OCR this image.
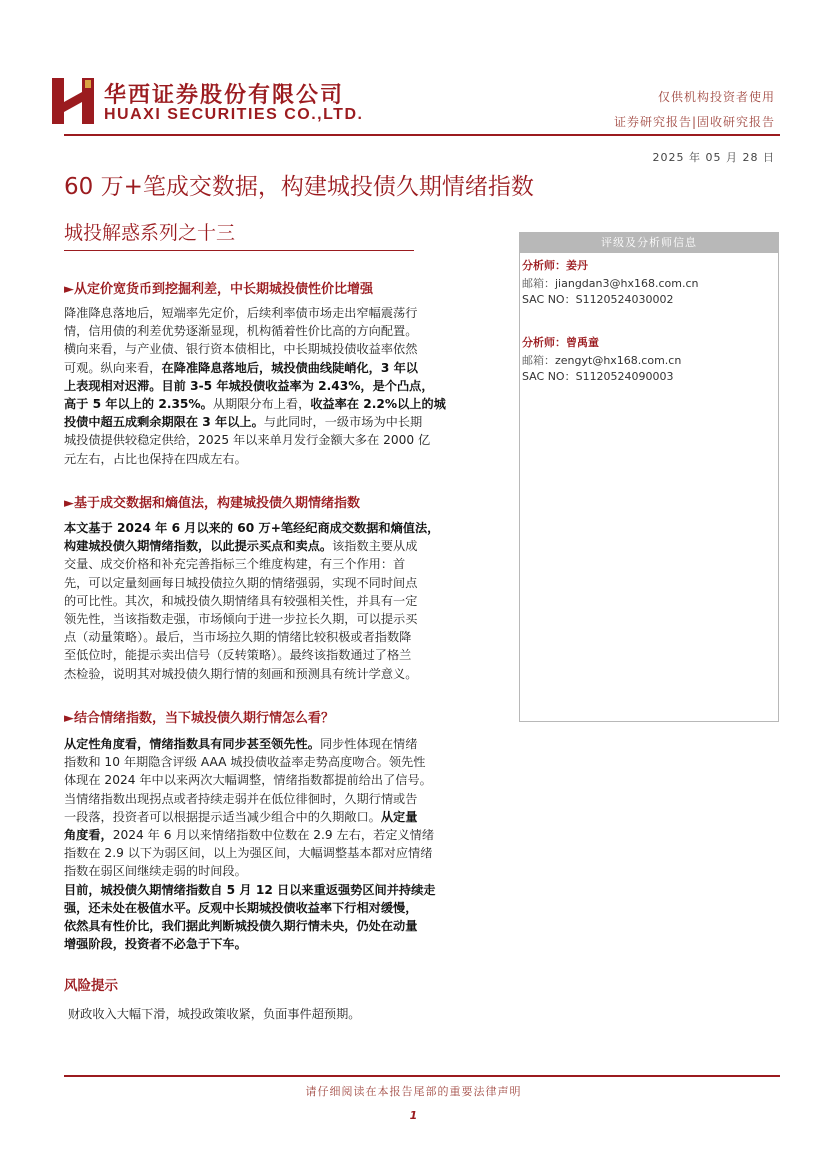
华西证券股份有限公司
HUAXI SECURITIES CO.,LTD.
仅供机构投资者使用
证券研究报告|固收研究报告
2025 年 05 月 28 日
60 万+笔成交数据，构建城投债久期情绪指数
城投解惑系列之十三	评级及分析师信息
分析师：姜丹
邮箱：jiangdan3@hx168.com.cn
SAC NO：S1120524030002
分析师：曾禹童
邮箱：zengyt@hx168.com.cn
SAC NO：S1120524090003
►从定价宽货币到挖掘利差，中长期城投债性价比增强
降准降息落地后，短端率先定价，后续利率债市场走出窄幅震荡行
情，信用债的利差优势逐渐显现，机构循着性价比高的方向配置。
横向来看，与产业债、银行资本债相比，中长期城投债收益率依然
可观。纵向来看，在降准降息落地后，城投债曲线陡峭化，3 年以
上表现相对迟滞。目前 3-5 年城投债收益率为 2.43%，是个凸点，
高于 5 年以上的 2.35%。从期限分布上看，收益率在 2.2%以上的城
投债中超五成剩余期限在 3 年以上。与此同时，一级市场为中长期
城投债提供较稳定供给，2025 年以来单月发行金额大多在 2000 亿
元左右，占比也保持在四成左右。
►基于成交数据和熵值法，构建城投债久期情绪指数
本文基于 2024 年 6 月以来的 60 万+笔经纪商成交数据和熵值法，
构建城投债久期情绪指数，以此提示买点和卖点。该指数主要从成
交量、成交价格和补充完善指标三个维度构建，有三个作用：首
先，可以定量刻画每日城投债拉久期的情绪强弱，实现不同时间点
的可比性。其次，和城投债久期情绪具有较强相关性，并具有一定
领先性，当该指数走强，市场倾向于进一步拉长久期，可以提示买
点（动量策略）。最后，当市场拉久期的情绪比较积极或者指数降
至低位时，能提示卖出信号（反转策略）。最终该指数通过了格兰
杰检验，说明其对城投债久期行情的刻画和预测具有统计学意义。
►结合情绪指数，当下城投债久期行情怎么看？
从定性角度看，情绪指数具有同步甚至领先性。同步性体现在情绪
指数和 10 年期隐含评级 AAA 城投债收益率走势高度吻合。领先性
体现在 2024 年中以来两次大幅调整，情绪指数都提前给出了信号。
当情绪指数出现拐点或者持续走弱并在低位徘徊时，久期行情或告
一段落，投资者可以根据提示适当减少组合中的久期敞口。从定量
角度看，2024 年 6 月以来情绪指数中位数在 2.9 左右，若定义情绪
指数在 2.9 以下为弱区间，以上为强区间，大幅调整基本都对应情绪
指数在弱区间继续走弱的时间段。
目前，城投债久期情绪指数自 5 月 12 日以来重返强势区间并持续走
强，还未处在极值水平。反观中长期城投债收益率下行相对缓慢，
依然具有性价比，我们据此判断城投债久期行情未央，仍处在动量
增强阶段，投资者不必急于下车。
风险提示
财政收入大幅下滑，城投政策收紧，负面事件超预期。
请仔细阅读在本报告尾部的重要法律声明
1
